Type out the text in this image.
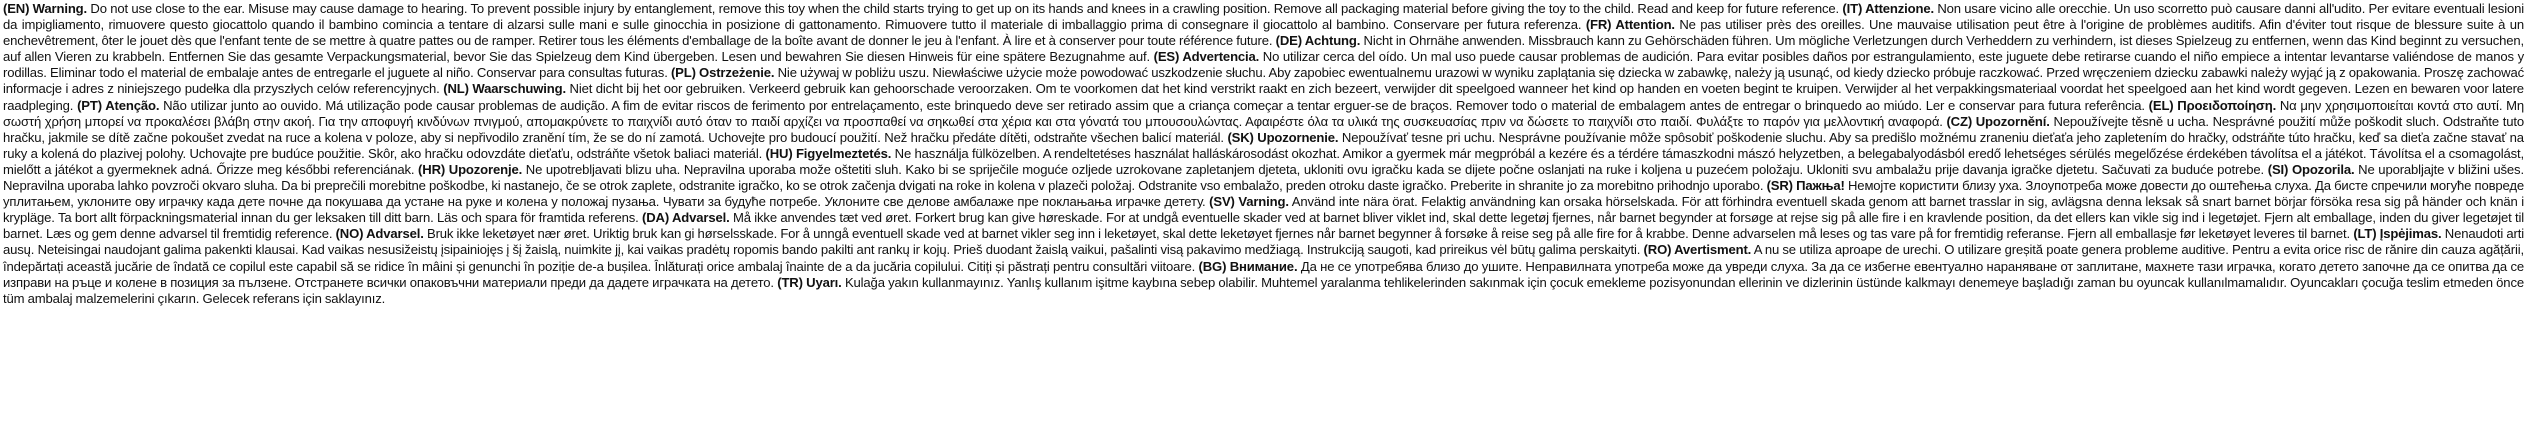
(EN) Warning. Do not use close to the ear. Misuse may cause damage to hearing. To prevent possible injury by entanglement, remove this toy when the child starts trying to get up on its hands and knees in a crawling position. Remove all packaging material before giving the toy to the child. Read and keep for future reference.

(IT) Attenzione. Non usare vicino alle orecchie. Un uso scorretto può causare danni all'udito. Per evitare eventuali lesioni da impigliamento, rimuovere questo giocattolo quando il bambino comincia a tentare di alzarsi sulle mani e sulle ginocchia in posizione di gattonamento. Rimuovere tutto il materiale di imballaggio prima di consegnare il giocattolo al bambino. Conservare per futura referenza.

(FR) Attention. Ne pas utiliser près des oreilles. Une mauvaise utilisation peut être à l'origine de problèmes auditifs. Afin d'éviter tout risque de blessure suite à un enchevêtrement, ôter le jouet dès que l'enfant tente de se mettre à quatre pattes ou de ramper. Retirer tous les éléments d'emballage de la boîte avant de donner le jeu à l'enfant. À lire et à conserver pour toute référence future.

(DE) Achtung. Nicht in Ohrnähe anwenden. Missbrauch kann zu Gehörschäden führen. Um mögliche Verletzungen durch Verheddern zu verhindern, ist dieses Spielzeug zu entfernen, wenn das Kind beginnt zu versuchen, auf allen Vieren zu krabbeln. Entfernen Sie das gesamte Verpackungsmaterial, bevor Sie das Spielzeug dem Kind übergeben. Lesen und bewahren Sie diesen Hinweis für eine spätere Bezugnahme auf.

(ES) Advertencia. No utilizar cerca del oído. Un mal uso puede causar problemas de audición. Para evitar posibles daños por estrangulamiento, este juguete debe retirarse cuando el niño empiece a intentar levantarse valiéndose de manos y rodillas. Eliminar todo el material de embalaje antes de entregarle el juguete al niño. Conservar para consultas futuras.

(PL) Ostrzeżenie. Nie używaj w pobliżu uszu. Niewłaściwe użycie może powodować uszkodzenie słuchu. Aby zapobiec ewentualnemu urazowi w wyniku zaplątania się dziecka w zabawkę, należy ją usunąć, od kiedy dziecko próbuje raczkować. Przed wręczeniem dziecku zabawki należy wyjąć ją z opakowania. Proszę zachować informacje i adres z niniejszego pudełka dla przyszłych celów referencyjnych.

(NL) Waarschuwing. Niet dicht bij het oor gebruiken. Verkeerd gebruik kan gehoorschade veroorzaken. Om te voorkomen dat het kind verstrikt raakt en zich bezeert, verwijder dit speelgoed wanneer het kind op handen en voeten begint te kruipen. Verwijder al het verpakkingsmateriaal voordat het speelgoed aan het kind wordt gegeven. Lezen en bewaren voor latere raadpleging.

(PT) Atenção. Não utilizar junto ao ouvido. Má utilização pode causar problemas de audição. A fim de evitar riscos de ferimento por entrelaçamento, este brinquedo deve ser retirado assim que a criança começar a tentar erguer-se de braços. Remover todo o material de embalagem antes de entregar o brinquedo ao miúdo. Ler e conservar para futura referência.

(EL) Προειδοποίηση. Να μην χρησιμοποιείται κοντά στο αυτί. Μη σωστή χρήση μπορεί να προκαλέσει βλάβη στην ακοή. Για την αποφυγή κινδύνων πνιγμού, απομακρύνετε το παιχνίδι αυτό όταν το παιδί αρχίζει να προσπαθεί να σηκωθεί στα χέρια και στα γόνατά του μπουσουλώντας. Αφαιρέστε όλα τα υλικά της συσκευασίας πριν να δώσετε το παιχνίδι στο παιδί. Φυλάξτε το παρόν για μελλοντική αναφορά.

(CZ) Upozornění. Nepoužívejte těsně u ucha. Nesprávné použití může poškodit sluch. Odstraňte tuto hračku, jakmile se dítě začne pokoušet zvedat na ruce a kolena v poloze, aby si nepřivodilo zranění tím, že se do ní zamotá. Uchovejte pro budoucí použití. Než hračku předáte dítěti, odstraňte všechen balicí materiál.

(SK) Upozornenie. Nepoužívať tesne pri uchu. Nesprávne používanie môže spôsobiť poškodenie sluchu. Aby sa predišlo možnému zraneniu dieťaťa jeho zapletením do hračky, odstráňte túto hračku, keď sa dieťa začne stavať na ruky a kolená do plazivej polohy. Uchovajte pre budúce použitie. Skôr, ako hračku odovzdáte dieťaťu, odstráňte všetok baliaci materiál.

(HU) Figyelmeztetés. Ne használja fülközelben. A rendeltetéses használat halláskárosodást okozhat. Amikor a gyermek már megpróbál a kezére és a térdére támaszkodni mászó helyzetben, a belegabalyodásból eredő lehetséges sérülés megelőzése érdekében távolítsa el a játékot. Távolítsa el a csomagolást, mielőtt a játékot a gyermeknek adná. Őrizze meg későbbi referenciának.

(HR) Upozorenje. Ne upotrebljavati blizu uha. Nepravilna uporaba može oštetiti sluh. Kako bi se spriječile moguće ozljede uzrokovane zapletanjem djeteta, ukloniti ovu igračku kada se dijete počne oslanjati na ruke i koljena u puzećem položaju. Ukloniti svu ambalažu prije davanja igračke djetetu. Sačuvati za buduće potrebe.

(SI) Opozorila. Ne uporabljajte v bližini ušes. Nepravilna uporaba lahko povzroči okvaro sluha. Da bi preprečili morebitne poškodbe, ki nastanejo, če se otrok zaplete, odstranite igračko, ko se otrok začenja dvigati na roke in kolena v plazeči položaj. Odstranite vso embalažo, preden otroku daste igračko. Preberite in shranite jo za morebitno prihodnjo uporabo.

(SR) Пажња! Немојте користити близу уха. Злоупотреба може довести до оштећења слуха. Да бисте спречили могуће повреде уплитањем, уклоните ову играчку када дете почне да покушава да устане на руке и колена у положај пузања. Чувати за будуће потребе. Уклоните све делове амбалаже пре поклањања играчке детету.

(SV) Varning. Använd inte nära örat. Felaktig användning kan orsaka hörselskada. För att förhindra eventuell skada genom att barnet trasslar in sig, avlägsna denna leksak så snart barnet börjar försöka resa sig på händer och knän i krypläge. Ta bort allt förpackningsmaterial innan du ger leksaken till ditt barn. Läs och spara för framtida referens.

(DA) Advarsel. Må ikke anvendes tæt ved øret. Forkert brug kan give høreskade. For at undgå eventuelle skader ved at barnet bliver viklet ind, skal dette legetøj fjernes, når barnet begynder at forsøge at rejse sig på alle fire i en kravlende position, da det ellers kan vikle sig ind i legetøjet. Fjern alt emballage, inden du giver legetøjet til barnet. Læs og gem denne advarsel til fremtidig reference.

(NO) Advarsel. Bruk ikke leketøyet nær øret. Uriktig bruk kan gi hørselsskade. For å unngå eventuell skade ved at barnet vikler seg inn i leketøyet, skal dette leketøyet fjernes når barnet begynner å forsøke å reise seg på alle fire for å krabbe. Denne advarselen må leses og tas vare på for fremtidig referanse. Fjern all emballasje før leketøyet leveres til barnet.

(LT) Įspėjimas. Nenaudoti arti ausų. Neteisingai naudojant galima pakenkti klausai. Kad vaikas nesusižeistų įsipainiojęs į šį žaislą, nuimkite jį, kai vaikas pradėtų ropomis bando pakilti ant rankų ir kojų. Prieš duodant žaislą vaikui, pašalinti visą pakavimo medžiagą. Instrukciją saugoti, kad prireikus vėl būtų galima perskaityti.

(RO) Avertisment. A nu se utiliza aproape de urechi. O utilizare greșită poate genera probleme auditive. Pentru a evita orice risc de rănire din cauza agățării, îndepărtați această jucărie de îndată ce copilul este capabil să se ridice în mâini și genunchi în poziție de-a bușilea. Înlăturați orice ambalaj înainte de a da jucăria copilului. Citiți și păstrați pentru consultări viitoare.

(BG) Внимание. Да не се употребява близо до ушите. Неправилната употреба може да увреди слуха. За да се избегне евентуално нараняване от заплитане, махнете тази играчка, когато детето започне да се опитва да се изправи на ръце и колене в позиция за пълзене. Отстранете всички опаковъчни материали преди да дадете играчката на детето.

(TR) Uyarı. Kulağa yakın kullanmayınız. Yanlış kullanım işitme kaybına sebep olabilir. Muhtemel yaralanma tehlikelerinden sakınmak için çocuk emekleme pozisyonundan ellerinin ve dizlerinin üstünde kalkmayı denemeye başladığı zaman bu oyuncak kullanılmamalıdır. Oyuncakları çocuğa teslim etmeden önce tüm ambalaj malzemelerini çıkarın. Gelecek referans için saklayınız.
